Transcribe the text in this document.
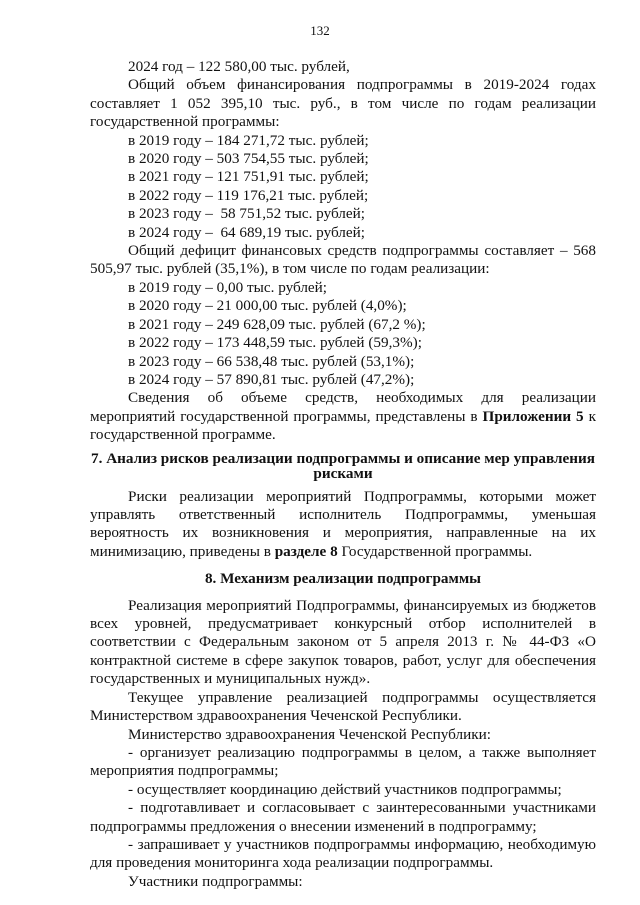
132

2024 год – 122 580,00 тыс. рублей,

Общий объем финансирования подпрограммы в 2019-2024 годах составляет 1 052 395,10 тыс. руб., в том числе по годам реализации государственной программы:

в 2019 году – 184 271,72 тыс. рублей;

в 2020 году – 503 754,55 тыс. рублей;

в 2021 году – 121 751,91 тыс. рублей;

в 2022 году – 119 176,21 тыс. рублей;

в 2023 году –  58 751,52 тыс. рублей;

в 2024 году –  64 689,19 тыс. рублей;

Общий дефицит финансовых средств подпрограммы составляет – 568 505,97 тыс. рублей (35,1%), в том числе по годам реализации:

в 2019 году – 0,00 тыс. рублей;

в 2020 году – 21 000,00 тыс. рублей (4,0%);

в 2021 году – 249 628,09 тыс. рублей (67,2 %);

в 2022 году – 173 448,59 тыс. рублей (59,3%);

в 2023 году – 66 538,48 тыс. рублей (53,1%);

в 2024 году – 57 890,81 тыс. рублей (47,2%);

Сведения об объеме средств, необходимых для реализации мероприятий государственной программы, представлены в Приложении 5 к государственной программе.

7. Анализ рисков реализации подпрограммы и описание мер управления рисками

Риски реализации мероприятий Подпрограммы, которыми может управлять ответственный исполнитель Подпрограммы, уменьшая вероятность их возникновения и мероприятия, направленные на их минимизацию, приведены в разделе 8 Государственной программы.

8. Механизм реализации подпрограммы

Реализация мероприятий Подпрограммы, финансируемых из бюджетов всех уровней, предусматривает конкурсный отбор исполнителей в соответствии с Федеральным законом от 5 апреля 2013 г. № 44-ФЗ «О контрактной системе в сфере закупок товаров, работ, услуг для обеспечения государственных и муниципальных нужд».

Текущее управление реализацией подпрограммы осуществляется Министерством здравоохранения Чеченской Республики.

Министерство здравоохранения Чеченской Республики:

- организует реализацию подпрограммы в целом, а также выполняет мероприятия подпрограммы;

- осуществляет координацию действий участников подпрограммы;

- подготавливает и согласовывает с заинтересованными участниками подпрограммы предложения о внесении изменений в подпрограмму;

- запрашивает у участников подпрограммы информацию, необходимую для проведения мониторинга хода реализации подпрограммы.

Участники подпрограммы:
